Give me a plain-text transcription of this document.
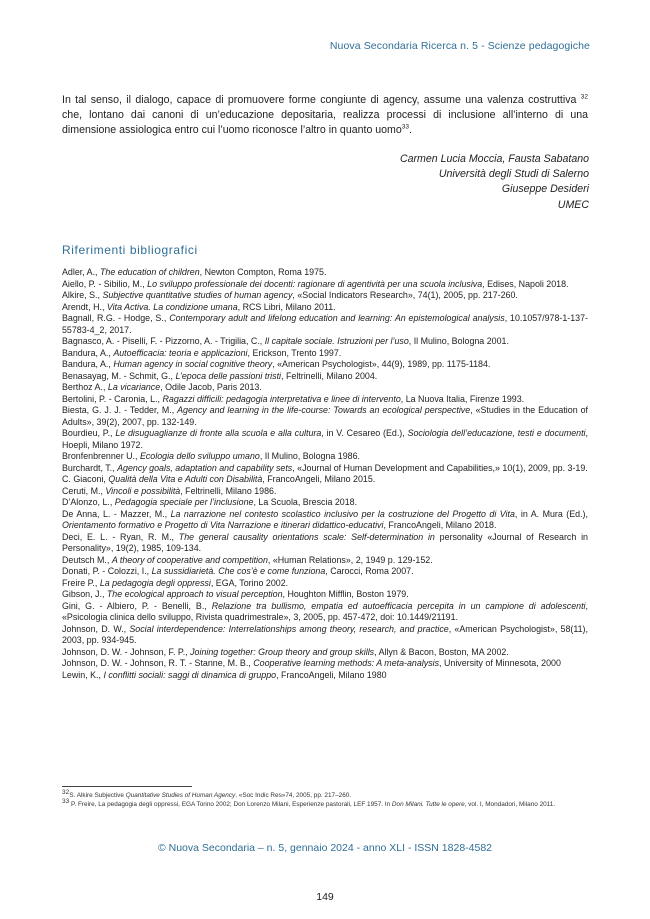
Nuova Secondaria Ricerca n. 5 - Scienze pedagogiche

In tal senso, il dialogo, capace di promuovere forme congiunte di agency, assume una valenza costruttiva $^{32}$ che, lontano dai canoni di un’educazione depositaria, realizza processi di inclusione all’interno di una dimensione assiologica entro cui l’uomo riconosce l’altro in quanto uomo$^{33}$.

Carmen Lucia Moccia, Fausta Sabatano
Università degli Studi di Salerno
Giuseppe Desideri
UMEC
Riferimenti bibliografici

Adler, A., The education of children, Newton Compton, Roma 1975.

Aiello, P. - Sibilio, M., Lo sviluppo professionale dei docenti: ragionare di agentività per una scuola inclusiva, Edises, Napoli 2018.

Alkire, S., Subjective quantitative studies of human agency, «Social Indicators Research», 74(1), 2005, pp. 217-260.

Arendt, H., Vita Activa. La condizione umana, RCS Libri, Milano 2011.

Bagnall, R.G. - Hodge, S., Contemporary adult and lifelong education and learning: An epistemological analysis, 10.1057/978-1-137-55783-4_2, 2017.

Bagnasco, A. - Piselli, F. - Pizzorno, A. - Trigilia, C., Il capitale sociale. Istruzioni per l’uso, Il Mulino, Bologna 2001.

Bandura, A., Autoefficacia: teoria e applicazioni, Erickson, Trento 1997.

Bandura, A., Human agency in social cognitive theory, «American Psychologist», 44(9), 1989, pp. 1175-1184.

Benasayag, M. - Schmit, G., L’epoca delle passioni tristi, Feltrinelli, Milano 2004.

Berthoz A., La vicariance, Odile Jacob, Paris 2013.

Bertolini, P. - Caronia, L., Ragazzi difficili: pedagogia interpretativa e linee di intervento, La Nuova Italia, Firenze 1993.

Biesta, G. J. J. - Tedder, M., Agency and learning in the life-course: Towards an ecological perspective, «Studies in the Education of Adults», 39(2), 2007, pp. 132-149.

Bourdieu, P., Le disuguaglianze di fronte alla scuola e alla cultura, in V. Cesareo (Ed.), Sociologia dell’educazione, testi e documenti, Hoepli, Milano 1972.

Bronfenbrenner U., Ecologia dello sviluppo umano, Il Mulino, Bologna 1986.

Burchardt, T., Agency goals, adaptation and capability sets, «Journal of Human Development and Capabilities,» 10(1), 2009, pp. 3-19.

C. Giaconi, Qualità della Vita e Adulti con Disabilità, FrancoAngeli, Milano 2015.

Ceruti, M., Vincoli e possibilità, Feltrinelli, Milano 1986.

D’Alonzo, L., Pedagogia speciale per l’inclusione, La Scuola, Brescia 2018.

De Anna, L. - Mazzer, M., La narrazione nel contesto scolastico inclusivo per la costruzione del Progetto di Vita, in A. Mura (Ed.), Orientamento formativo e Progetto di Vita Narrazione e itinerari didattico-educativi, FrancoAngeli, Milano 2018.

Deci, E. L. - Ryan, R. M., The general causality orientations scale: Self-determination in personality «Journal of Research in Personality», 19(2), 1985, 109-134.

Deutsch M., A theory of cooperative and competition, «Human Relations», 2, 1949 p. 129-152.

Donati, P. - Colozzi, I., La sussidiarietà. Che cos’è e come funziona, Carocci, Roma 2007.

Freire P., La pedagogia degli oppressi, EGA, Torino 2002.

Gibson, J., The ecological approach to visual perception, Houghton Mifflin, Boston 1979.

Gini, G. - Albiero, P. - Benelli, B., Relazione tra bullismo, empatia ed autoefficacia percepita in un campione di adolescenti, «Psicologia clinica dello sviluppo, Rivista quadrimestrale», 3, 2005, pp. 457-472, doi: 10.1449/21191.

Johnson, D. W., Social interdependence: Interrelationships among theory, research, and practice, «American Psychologist», 58(11), 2003, pp. 934-945.

Johnson, D. W. - Johnson, F. P., Joining together: Group theory and group skills, Allyn & Bacon, Boston, MA 2002.

Johnson, D. W. - Johnson, R. T. - Stanne, M. B., Cooperative learning methods: A meta-analysis, University of Minnesota, 2000

Lewin, K., I conflitti sociali: saggi di dinamica di gruppo, FrancoAngeli, Milano 1980

$^{32}$S. Alkire Subjective Quantitative Studies of Human Agency. «Soc Indic Res»74, 2005, pp. 217–260.

$^{33}$ P. Freire, La pedagogia degli oppressi, EGA Torino 2002; Don Lorenzo Milani, Esperienze pastorali, LEF 1957. In Don Milani. Tutte le opere, vol. I, Mondadori, Milano 2011.

© Nuova Secondaria – n. 5, gennaio 2024 - anno XLI - ISSN 1828-4582
149
